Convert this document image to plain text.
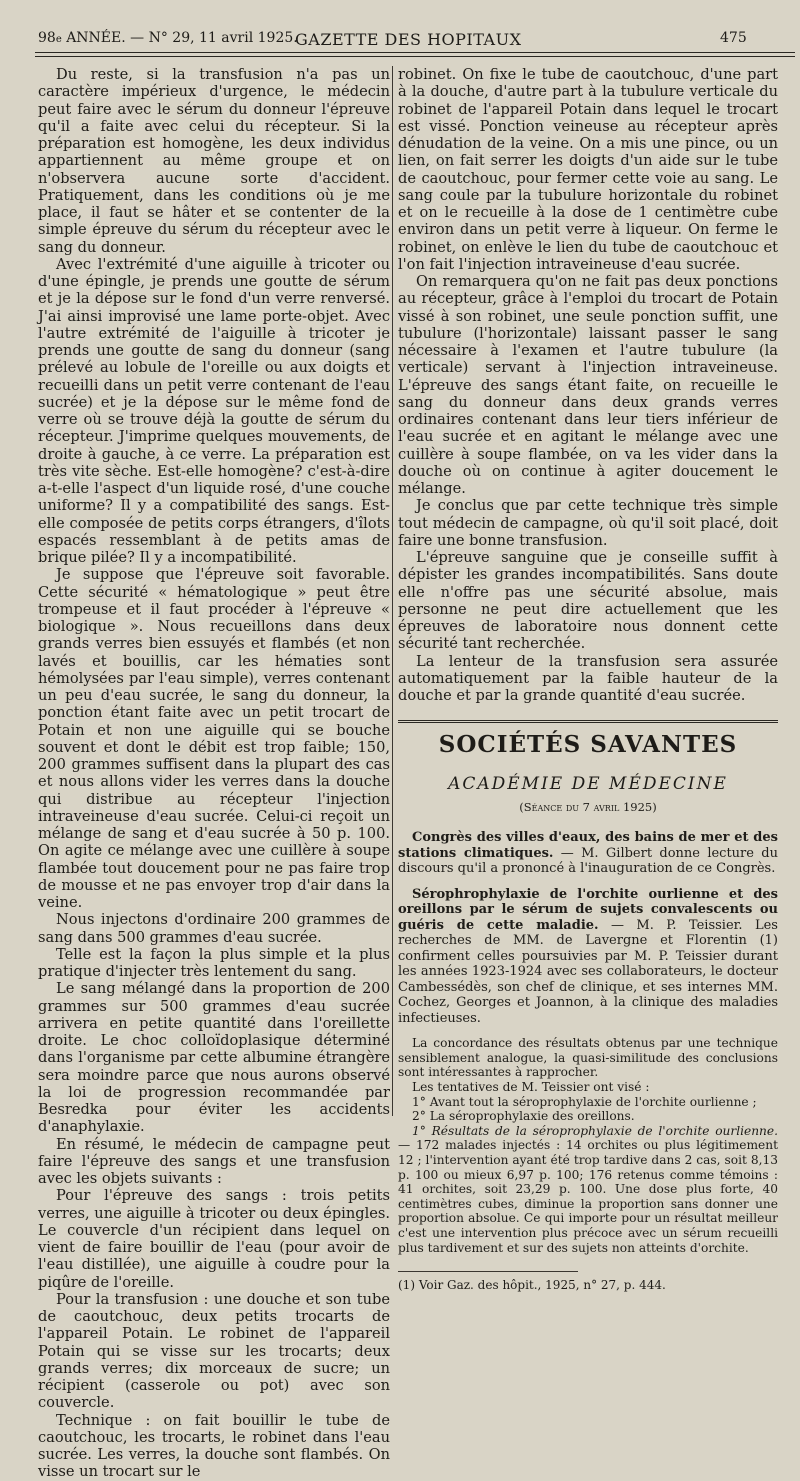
98e ANNÉE. — N° 29, 11 avril 1925.
GAZETTE DES HOPITAUX	475

Du reste, si la transfusion n'a pas un caractère impérieux d'urgence, le médecin peut faire avec le sérum du donneur l'épreuve qu'il a faite avec celui du récepteur. Si la préparation est homogène, les deux individus appartiennent au même groupe et on n'observera aucune sorte d'accident. Pratiquement, dans les conditions où je me place, il faut se hâter et se contenter de la simple épreuve du sérum du récepteur avec le sang du donneur.

Avec l'extrémité d'une aiguille à tricoter ou d'une épingle, je prends une goutte de sérum et je la dépose sur le fond d'un verre renversé. J'ai ainsi improvisé une lame porte-objet. Avec l'autre extrémité de l'aiguille à tricoter je prends une goutte de sang du donneur (sang prélevé au lobule de l'oreille ou aux doigts et recueilli dans un petit verre contenant de l'eau sucrée) et je la dépose sur le même fond de verre où se trouve déjà la goutte de sérum du récepteur. J'imprime quelques mouvements, de droite à gauche, à ce verre. La préparation est très vite sèche. Est-elle homogène? c'est-à-dire a-t-elle l'aspect d'un liquide rosé, d'une couche uniforme? Il y a compatibilité des sangs. Est-elle composée de petits corps étrangers, d'îlots espacés ressemblant à de petits amas de brique pilée? Il y a incompatibilité.

Je suppose que l'épreuve soit favorable. Cette sécurité « hématologique » peut être trompeuse et il faut procéder à l'épreuve « biologique ». Nous recueillons dans deux grands verres bien essuyés et flambés (et non lavés et bouillis, car les hématies sont hémolysées par l'eau simple), verres contenant un peu d'eau sucrée, le sang du donneur, la ponction étant faite avec un petit trocart de Potain et non une aiguille qui se bouche souvent et dont le débit est trop faible; 150, 200 grammes suffisent dans la plupart des cas et nous allons vider les verres dans la douche qui distribue au récepteur l'injection intraveineuse d'eau sucrée. Celui-ci reçoit un mélange de sang et d'eau sucrée à 50 p. 100. On agite ce mélange avec une cuillère à soupe flambée tout doucement pour ne pas faire trop de mousse et ne pas envoyer trop d'air dans la veine.

Nous injectons d'ordinaire 200 grammes de sang dans 500 grammes d'eau sucrée.

Telle est la façon la plus simple et la plus pratique d'injecter très lentement du sang.

Le sang mélangé dans la proportion de 200 grammes sur 500 grammes d'eau sucrée arrivera en petite quantité dans l'oreillette droite. Le choc colloïdoplasique déterminé dans l'organisme par cette albumine étrangère sera moindre parce que nous aurons observé la loi de progression recommandée par Besredka pour éviter les accidents d'anaphylaxie.

En résumé, le médecin de campagne peut faire l'épreuve des sangs et une transfusion avec les objets suivants :

Pour l'épreuve des sangs : trois petits verres, une aiguille à tricoter ou deux épingles. Le couvercle d'un récipient dans lequel on vient de faire bouillir de l'eau (pour avoir de l'eau distillée), une aiguille à coudre pour la piqûre de l'oreille.

Pour la transfusion : une douche et son tube de caoutchouc, deux petits trocarts de l'appareil Potain. Le robinet de l'appareil Potain qui se visse sur les trocarts; deux grands verres; dix morceaux de sucre; un récipient (casserole ou pot) avec son couvercle.

Technique : on fait bouillir le tube de caoutchouc, les trocarts, le robinet dans l'eau sucrée. Les verres, la douche sont flambés. On visse un trocart sur le

robinet. On fixe le tube de caoutchouc, d'une part à la douche, d'autre part à la tubulure verticale du robinet de l'appareil Potain dans lequel le trocart est vissé. Ponction veineuse au récepteur après dénudation de la veine. On a mis une pince, ou un lien, on fait serrer les doigts d'un aide sur le tube de caoutchouc, pour fermer cette voie au sang. Le sang coule par la tubulure horizontale du robinet et on le recueille à la dose de 1 centimètre cube environ dans un petit verre à liqueur. On ferme le robinet, on enlève le lien du tube de caoutchouc et l'on fait l'injection intraveineuse d'eau sucrée.

On remarquera qu'on ne fait pas deux ponctions au récepteur, grâce à l'emploi du trocart de Potain vissé à son robinet, une seule ponction suffit, une tubulure (l'horizontale) laissant passer le sang nécessaire à l'examen et l'autre tubulure (la verticale) servant à l'injection intraveineuse. L'épreuve des sangs étant faite, on recueille le sang du donneur dans deux grands verres ordinaires contenant dans leur tiers inférieur de l'eau sucrée et en agitant le mélange avec une cuillère à soupe flambée, on va les vider dans la douche où on continue à agiter doucement le mélange.

Je conclus que par cette technique très simple tout médecin de campagne, où qu'il soit placé, doit faire une bonne transfusion.

L'épreuve sanguine que je conseille suffit à dépister les grandes incompatibilités. Sans doute elle n'offre pas une sécurité absolue, mais personne ne peut dire actuellement que les épreuves de laboratoire nous donnent cette sécurité tant recherchée.

La lenteur de la transfusion sera assurée automatiquement par la faible hauteur de la douche et par la grande quantité d'eau sucrée.

SOCIÉTÉS SAVANTES
ACADÉMIE DE MÉDECINE
(Séance du 7 avril 1925)
Congrès des villes d'eaux, des bains de mer et des stations climatiques. — M. Gilbert donne lecture du discours qu'il a prononcé à l'inauguration de ce Congrès.
Sérophrophylaxie de l'orchite ourlienne et des oreillons par le sérum de sujets convalescents ou guéris de cette maladie. — M. P. Teissier. Les recherches de MM. de Lavergne et Florentin (1) confirment celles poursuivies par M. P. Teissier durant les années 1923-1924 avec ses collaborateurs, le docteur Cambessédès, son chef de clinique, et ses internes MM. Cochez, Georges et Joannon, à la clinique des maladies infectieuses.

La concordance des résultats obtenus par une technique sensiblement analogue, la quasi-similitude des conclusions sont intéressantes à rapprocher.

Les tentatives de M. Teissier ont visé :

1° Avant tout la séroprophylaxie de l'orchite ourlienne ;

2° La séroprophylaxie des oreillons.

1° Résultats de la séroprophylaxie de l'orchite ourlienne. — 172 malades injectés : 14 orchites ou plus légitimement 12 ; l'intervention ayant été trop tardive dans 2 cas, soit 8,13 p. 100 ou mieux 6,97 p. 100; 176 retenus comme témoins : 41 orchites, soit 23,29 p. 100. Une dose plus forte, 40 centimètres cubes, diminue la proportion sans donner une proportion absolue. Ce qui importe pour un résultat meilleur c'est une intervention plus précoce avec un sérum recueilli plus tardivement et sur des sujets non atteints d'orchite.

(1) Voir Gaz. des hôpit., 1925, n° 27, p. 444.
